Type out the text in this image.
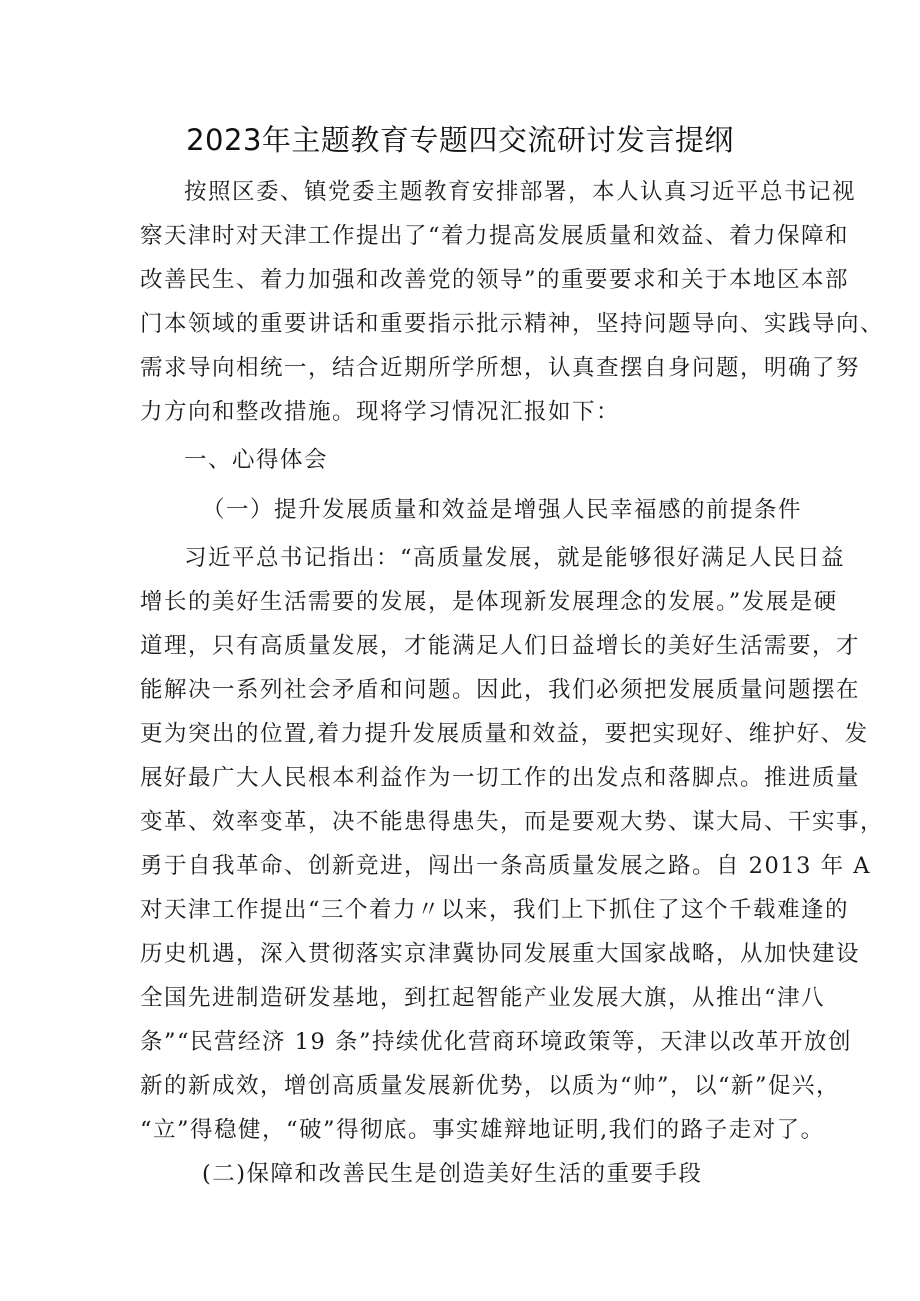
2023年主题教育专题四交流研讨发言提纲
按照区委、镇党委主题教育安排部署，本人认真习近平总书记视
察天津时对天津工作提出了“着力提高发展质量和效益、着力保障和
改善民生、着力加强和改善党的领导”的重要要求和关于本地区本部
门本领域的重要讲话和重要指示批示精神，坚持问题导向、实践导向、
需求导向相统一，结合近期所学所想，认真查摆自身问题，明确了努
力方向和整改措施。现将学习情况汇报如下：
一、心得体会
（一）提升发展质量和效益是增强人民幸福感的前提条件
习近平总书记指出：“高质量发展，就是能够很好满足人民日益
增长的美好生活需要的发展，是体现新发展理念的发展。”发展是硬
道理，只有高质量发展，才能满足人们日益增长的美好生活需要，才
能解决一系列社会矛盾和问题。因此，我们必须把发展质量问题摆在
更为突出的位置,着力提升发展质量和效益，要把实现好、维护好、发
展好最广大人民根本利益作为一切工作的出发点和落脚点。推进质量
变革、效率变革，决不能患得患失，而是要观大势、谋大局、干实事，
勇于自我革命、创新竞进，闯出一条高质量发展之路。自 2013 年 A
对天津工作提出“三个着力〃以来，我们上下抓住了这个千载难逢的
历史机遇，深入贯彻落实京津冀协同发展重大国家战略，从加快建设
全国先进制造研发基地，到扛起智能产业发展大旗，从推出“津八
条”“民营经济 19 条”持续优化营商环境政策等，天津以改革开放创
新的新成效，增创高质量发展新优势，以质为“帅”，以“新”促兴，
“立”得稳健，“破”得彻底。事实雄辩地证明,我们的路子走对了。
(二)保障和改善民生是创造美好生活的重要手段
